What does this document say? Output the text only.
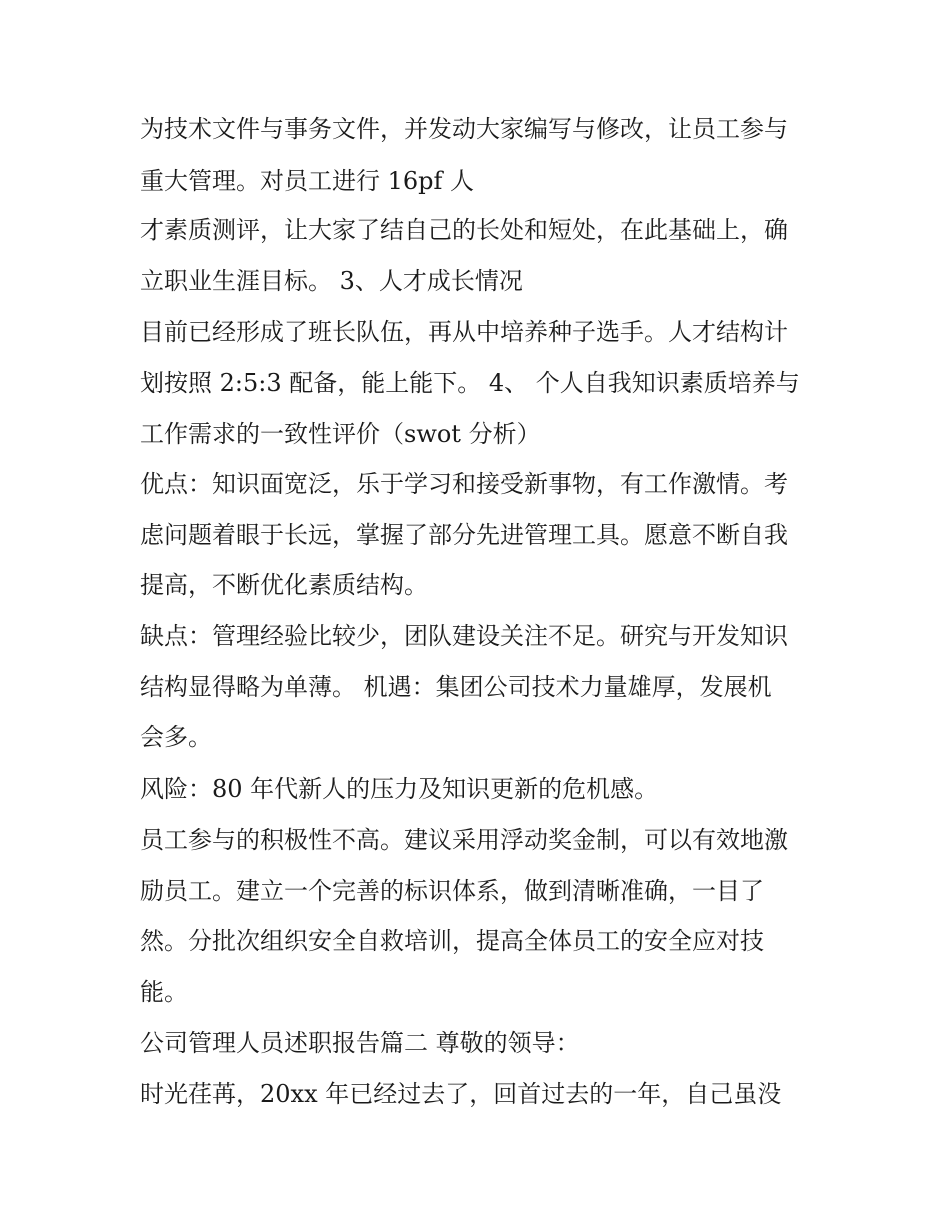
为技术文件与事务文件，并发动大家编写与修改，让员工参与
重大管理。对员工进行 16pf 人
才素质测评，让大家了结自己的长处和短处，在此基础上，确
立职业生涯目标。 3、人才成长情况
目前已经形成了班长队伍，再从中培养种子选手。人才结构计
划按照 2:5:3 配备，能上能下。 4、 个人自我知识素质培养与
工作需求的一致性评价（swot 分析）
优点：知识面宽泛，乐于学习和接受新事物，有工作激情。考
虑问题着眼于长远，掌握了部分先进管理工具。愿意不断自我
提高，不断优化素质结构。
缺点：管理经验比较少，团队建设关注不足。研究与开发知识
结构显得略为单薄。 机遇：集团公司技术力量雄厚，发展机
会多。
风险：80 年代新人的压力及知识更新的危机感。
员工参与的积极性不高。建议采用浮动奖金制，可以有效地激
励员工。建立一个完善的标识体系，做到清晰准确，一目了
然。分批次组织安全自救培训，提高全体员工的安全应对技
能。
公司管理人员述职报告篇二 尊敬的领导：
时光荏苒，20xx 年已经过去了，回首过去的一年，自己虽没
